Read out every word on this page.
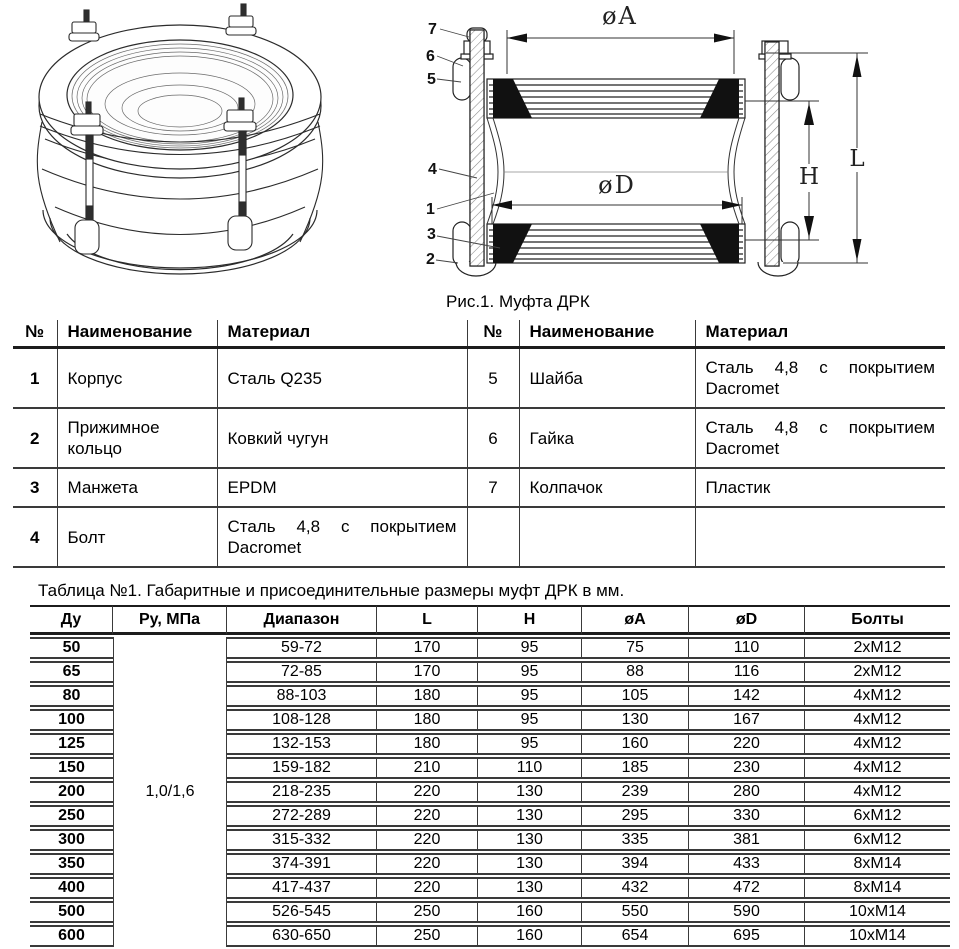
øA
øD	H
L
7
6
5
4
1
3
2
Рис.1. Муфта ДРК
№	Наименование	Материал	№	Наименование	Материал
1	Корпус	Сталь Q235	5	Шайба	Сталь 4,8 с покрытием Dacromet
2	Прижимное кольцо	Ковкий чугун	6	Гайка	Сталь 4,8 с покрытием Dacromet
3	Манжета	EPDM	7	Колпачок	Пластик
4	Болт	Сталь 4,8 с покрытием Dacromet			
Таблица №1. Габаритные и присоединительные размеры муфт ДРК в мм.
Ду	Ру, МПа	Диапазон	L	H	øA	øD	Болты
50	1,0/1,6	59-72	170	95	75	110	2xM12
65		72-85	170	95	88	116	2xM12
80		88-103	180	95	105	142	4xM12
100		108-128	180	95	130	167	4xM12
125		132-153	180	95	160	220	4xM12
150		159-182	210	110	185	230	4xM12
200		218-235	220	130	239	280	4xM12
250		272-289	220	130	295	330	6xM12
300		315-332	220	130	335	381	6xM12
350		374-391	220	130	394	433	8xM14
400		417-437	220	130	432	472	8xM14
500		526-545	250	160	550	590	10xM14
600		630-650	250	160	654	695	10xM14
